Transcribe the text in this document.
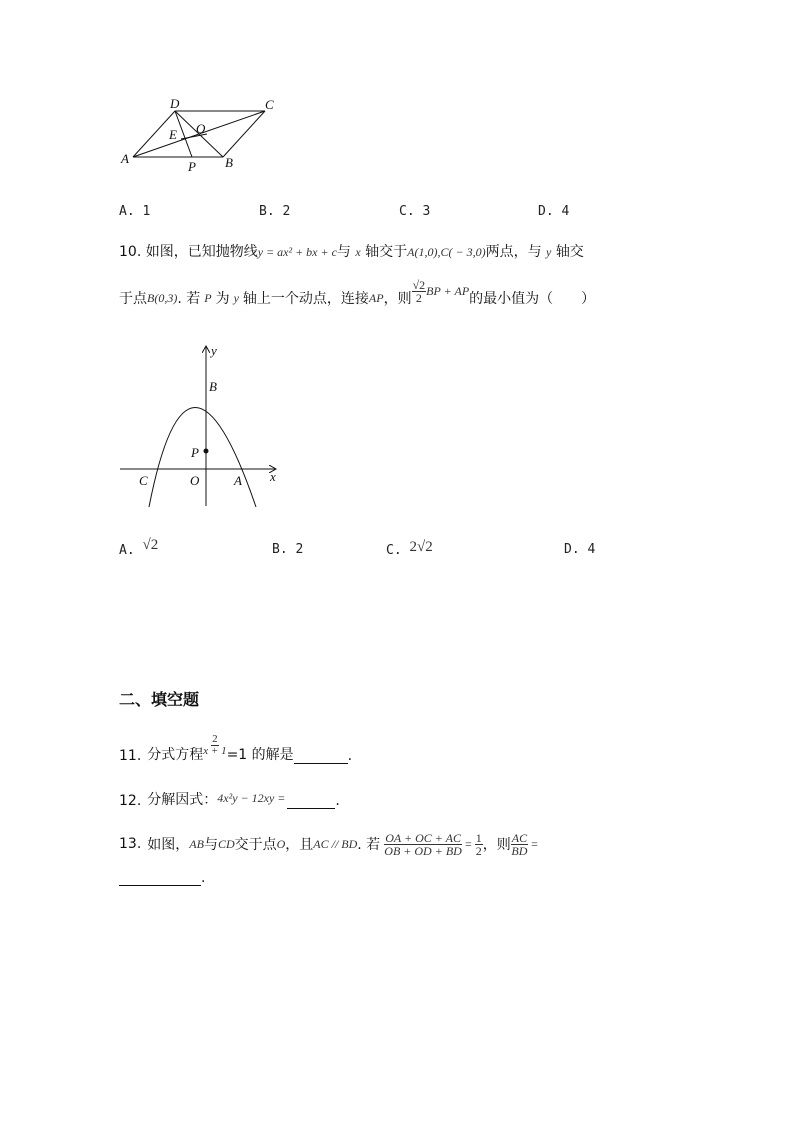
D	C
E O
A
P B
A. 1	B. 2	C. 3	D. 4
10. 如图，已知抛物线y = ax² + bx + c与 x 轴交于A(1,0),C( − 3,0)两点，与 y 轴交
于点 B(0,3) . 若 P 为 y 轴上一个动点，连接 AP ，则 $\frac{√2}{2}$ BP + AP
的最小值为（　　）
y
x
B
P
C	O	A
A. √2	B. 2	C. 2√2	D. 4
二、填空题
11. 分式方程 $\frac{2}{x + 1} =1$ 的解是	.
12. 分解因式： 4x²y − 12xy =	.
13. 如图， AB 与 CD 交于点 O ，且 AC // BD . 若 $\frac{OA + OC + AC}{OB + OD + BD} = \frac{1}{2}$ ，则 $\frac{AC}{BD}$ =
.
